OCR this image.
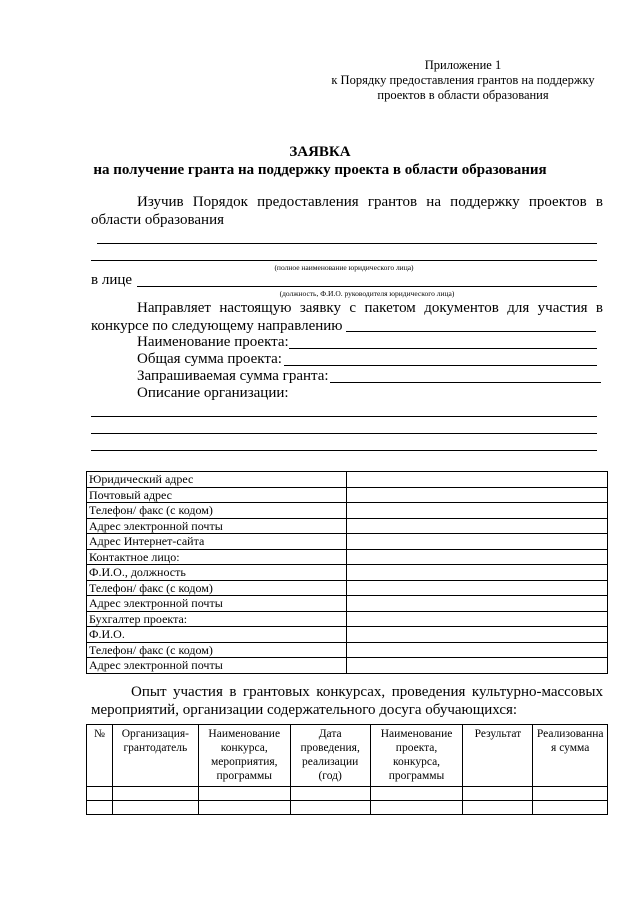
Приложение 1
к Порядку предоставления грантов на поддержку
проектов в области образования
ЗАЯВКА
на получение гранта на поддержку проекта в области образования
Изучив Порядок предоставления грантов на поддержку проектов в
области образования
(полное наименование юридического лица)
в лице
(должность, Ф.И.О. руководителя юридического лица)
Направляет настоящую заявку с пакетом документов для участия в
конкурсе по следующему направлению
Наименование проекта:
Общая сумма проекта:
Запрашиваемая сумма гранта:
Описание организации:
Юридический адрес	
Почтовый адрес	
Телефон/ факс (с кодом)	
Адрес электронной почты	
Адрес Интернет-сайта	
Контактное лицо:	
Ф.И.О., должность	
Телефон/ факс (с кодом)	
Адрес электронной почты	
Бухгалтер проекта:	
Ф.И.О.	
Телефон/ факс (с кодом)	
Адрес электронной почты	
Опыт участия в грантовых конкурсах, проведения культурно-массовых
мероприятий, организации содержательного досуга обучающихся:
№	Организация-грантодатель	Наименование конкурса, мероприятия, программы	Дата проведения, реализации (год)	Наименование проекта, конкурса, программы	Результат	Реализованная сумма
